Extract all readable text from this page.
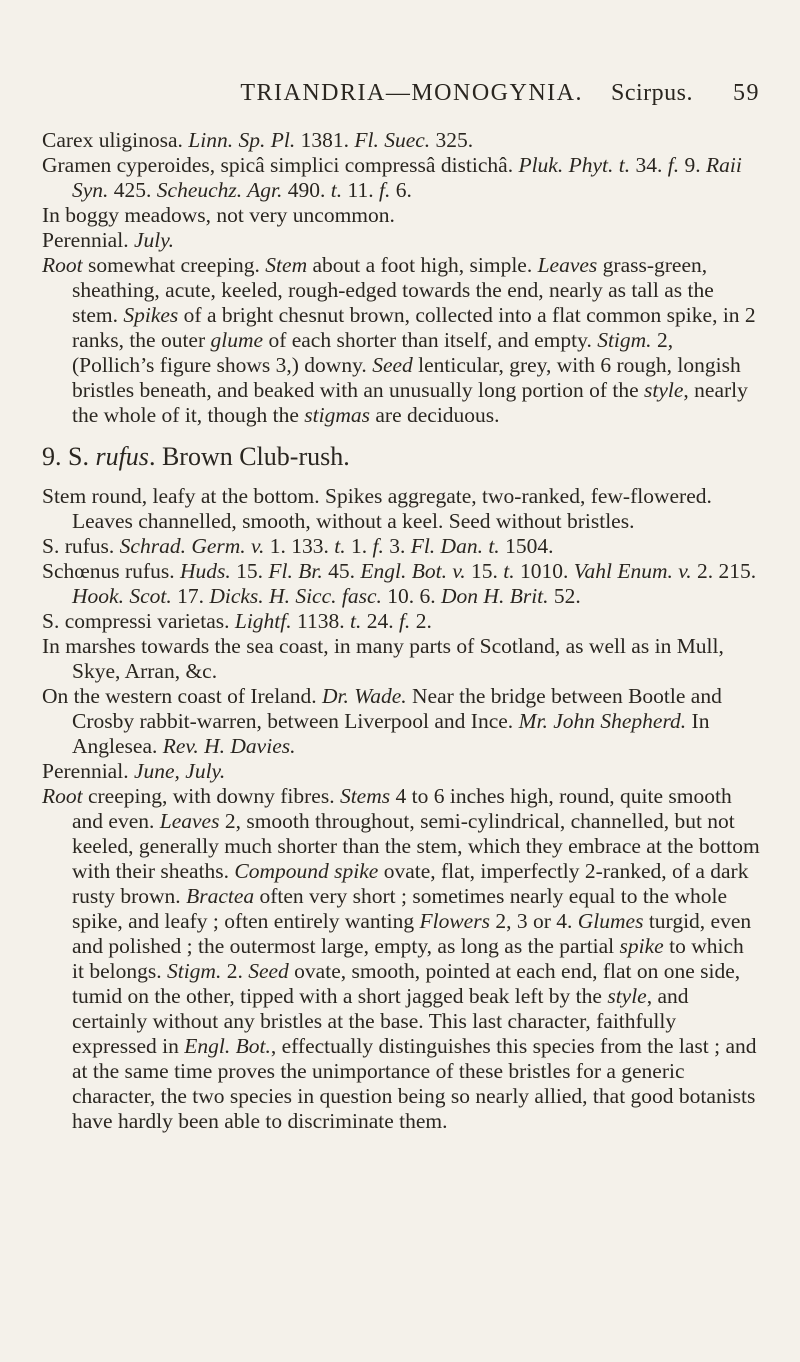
TRIANDRIA—MONOGYNIA. Scirpus. 59

Carex uliginosa. Linn. Sp. Pl. 1381. Fl. Suec. 325.

Gramen cyperoides, spicâ simplici compressâ distichâ. Pluk. Phyt. t. 34. f. 9. Raii Syn. 425. Scheuchz. Agr. 490. t. 11. f. 6.

In boggy meadows, not very uncommon.

Perennial. July.

Root somewhat creeping. Stem about a foot high, simple. Leaves grass-green, sheathing, acute, keeled, rough-edged towards the end, nearly as tall as the stem. Spikes of a bright chesnut brown, collected into a flat common spike, in 2 ranks, the outer glume of each shorter than itself, and empty. Stigm. 2, (Pollich’s figure shows 3,) downy. Seed lenticular, grey, with 6 rough, longish bristles beneath, and beaked with an unusually long portion of the style, nearly the whole of it, though the stigmas are deciduous.

9. S. rufus. Brown Club-rush.

Stem round, leafy at the bottom. Spikes aggregate, two-ranked, few-flowered. Leaves channelled, smooth, without a keel. Seed without bristles.

S. rufus. Schrad. Germ. v. 1. 133. t. 1. f. 3. Fl. Dan. t. 1504.

Schœnus rufus. Huds. 15. Fl. Br. 45. Engl. Bot. v. 15. t. 1010. Vahl Enum. v. 2. 215. Hook. Scot. 17. Dicks. H. Sicc. fasc. 10. 6. Don H. Brit. 52.

S. compressi varietas. Lightf. 1138. t. 24. f. 2.

In marshes towards the sea coast, in many parts of Scotland, as well as in Mull, Skye, Arran, &c.

On the western coast of Ireland. Dr. Wade. Near the bridge between Bootle and Crosby rabbit-warren, between Liverpool and Ince. Mr. John Shepherd. In Anglesea. Rev. H. Davies.

Perennial. June, July.

Root creeping, with downy fibres. Stems 4 to 6 inches high, round, quite smooth and even. Leaves 2, smooth throughout, semi-cylindrical, channelled, but not keeled, generally much shorter than the stem, which they embrace at the bottom with their sheaths. Compound spike ovate, flat, imperfectly 2-ranked, of a dark rusty brown. Bractea often very short ; sometimes nearly equal to the whole spike, and leafy ; often entirely wanting Flowers 2, 3 or 4. Glumes turgid, even and polished ; the outermost large, empty, as long as the partial spike to which it belongs. Stigm. 2. Seed ovate, smooth, pointed at each end, flat on one side, tumid on the other, tipped with a short jagged beak left by the style, and certainly without any bristles at the base. This last character, faithfully expressed in Engl. Bot., effectually distinguishes this species from the last ; and at the same time proves the unimportance of these bristles for a generic character, the two species in question being so nearly allied, that good botanists have hardly been able to discriminate them.
